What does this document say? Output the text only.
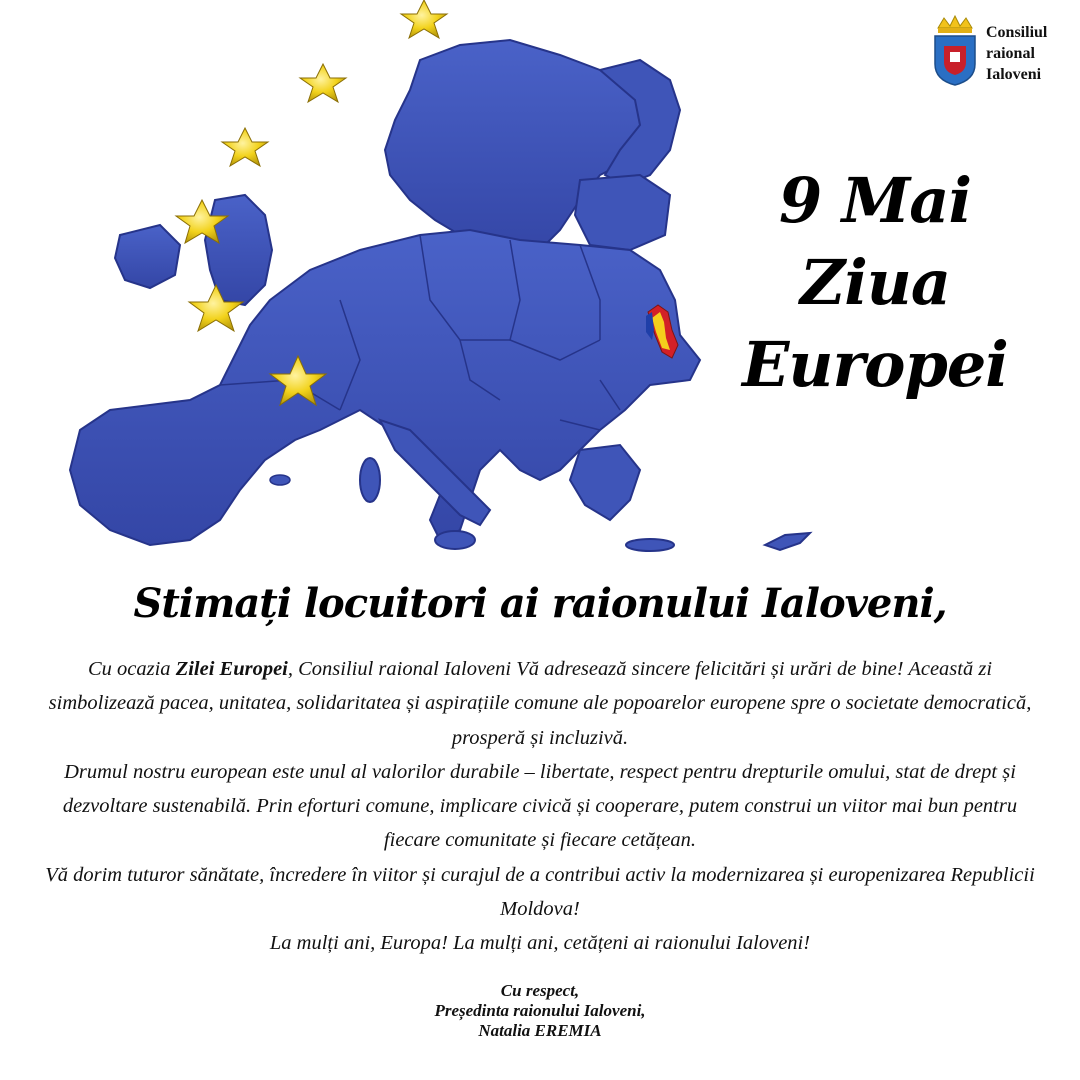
Consiliul
raional
Ialoveni
9 Mai
Ziua Europei
Stimați locuitori ai raionului Ialoveni,

Cu ocazia Zilei Europei, Consiliul raional Ialoveni Vă adresează sincere felicitări și urări de bine! Această zi simbolizează pacea, unitatea, solidaritatea și aspirațiile comune ale popoarelor europene spre o societate democratică, prosperă și incluzivă.

Drumul nostru european este unul al valorilor durabile – libertate, respect pentru drepturile omului, stat de drept și dezvoltare sustenabilă. Prin eforturi comune, implicare civică și cooperare, putem construi un viitor mai bun pentru fiecare comunitate și fiecare cetățean.

Vă dorim tuturor sănătate, încredere în viitor și curajul de a contribui activ la modernizarea și europenizarea Republicii Moldova!

La mulți ani, Europa! La mulți ani, cetățeni ai raionului Ialoveni!

Cu respect,
Președinta raionului Ialoveni,
Natalia EREMIA
